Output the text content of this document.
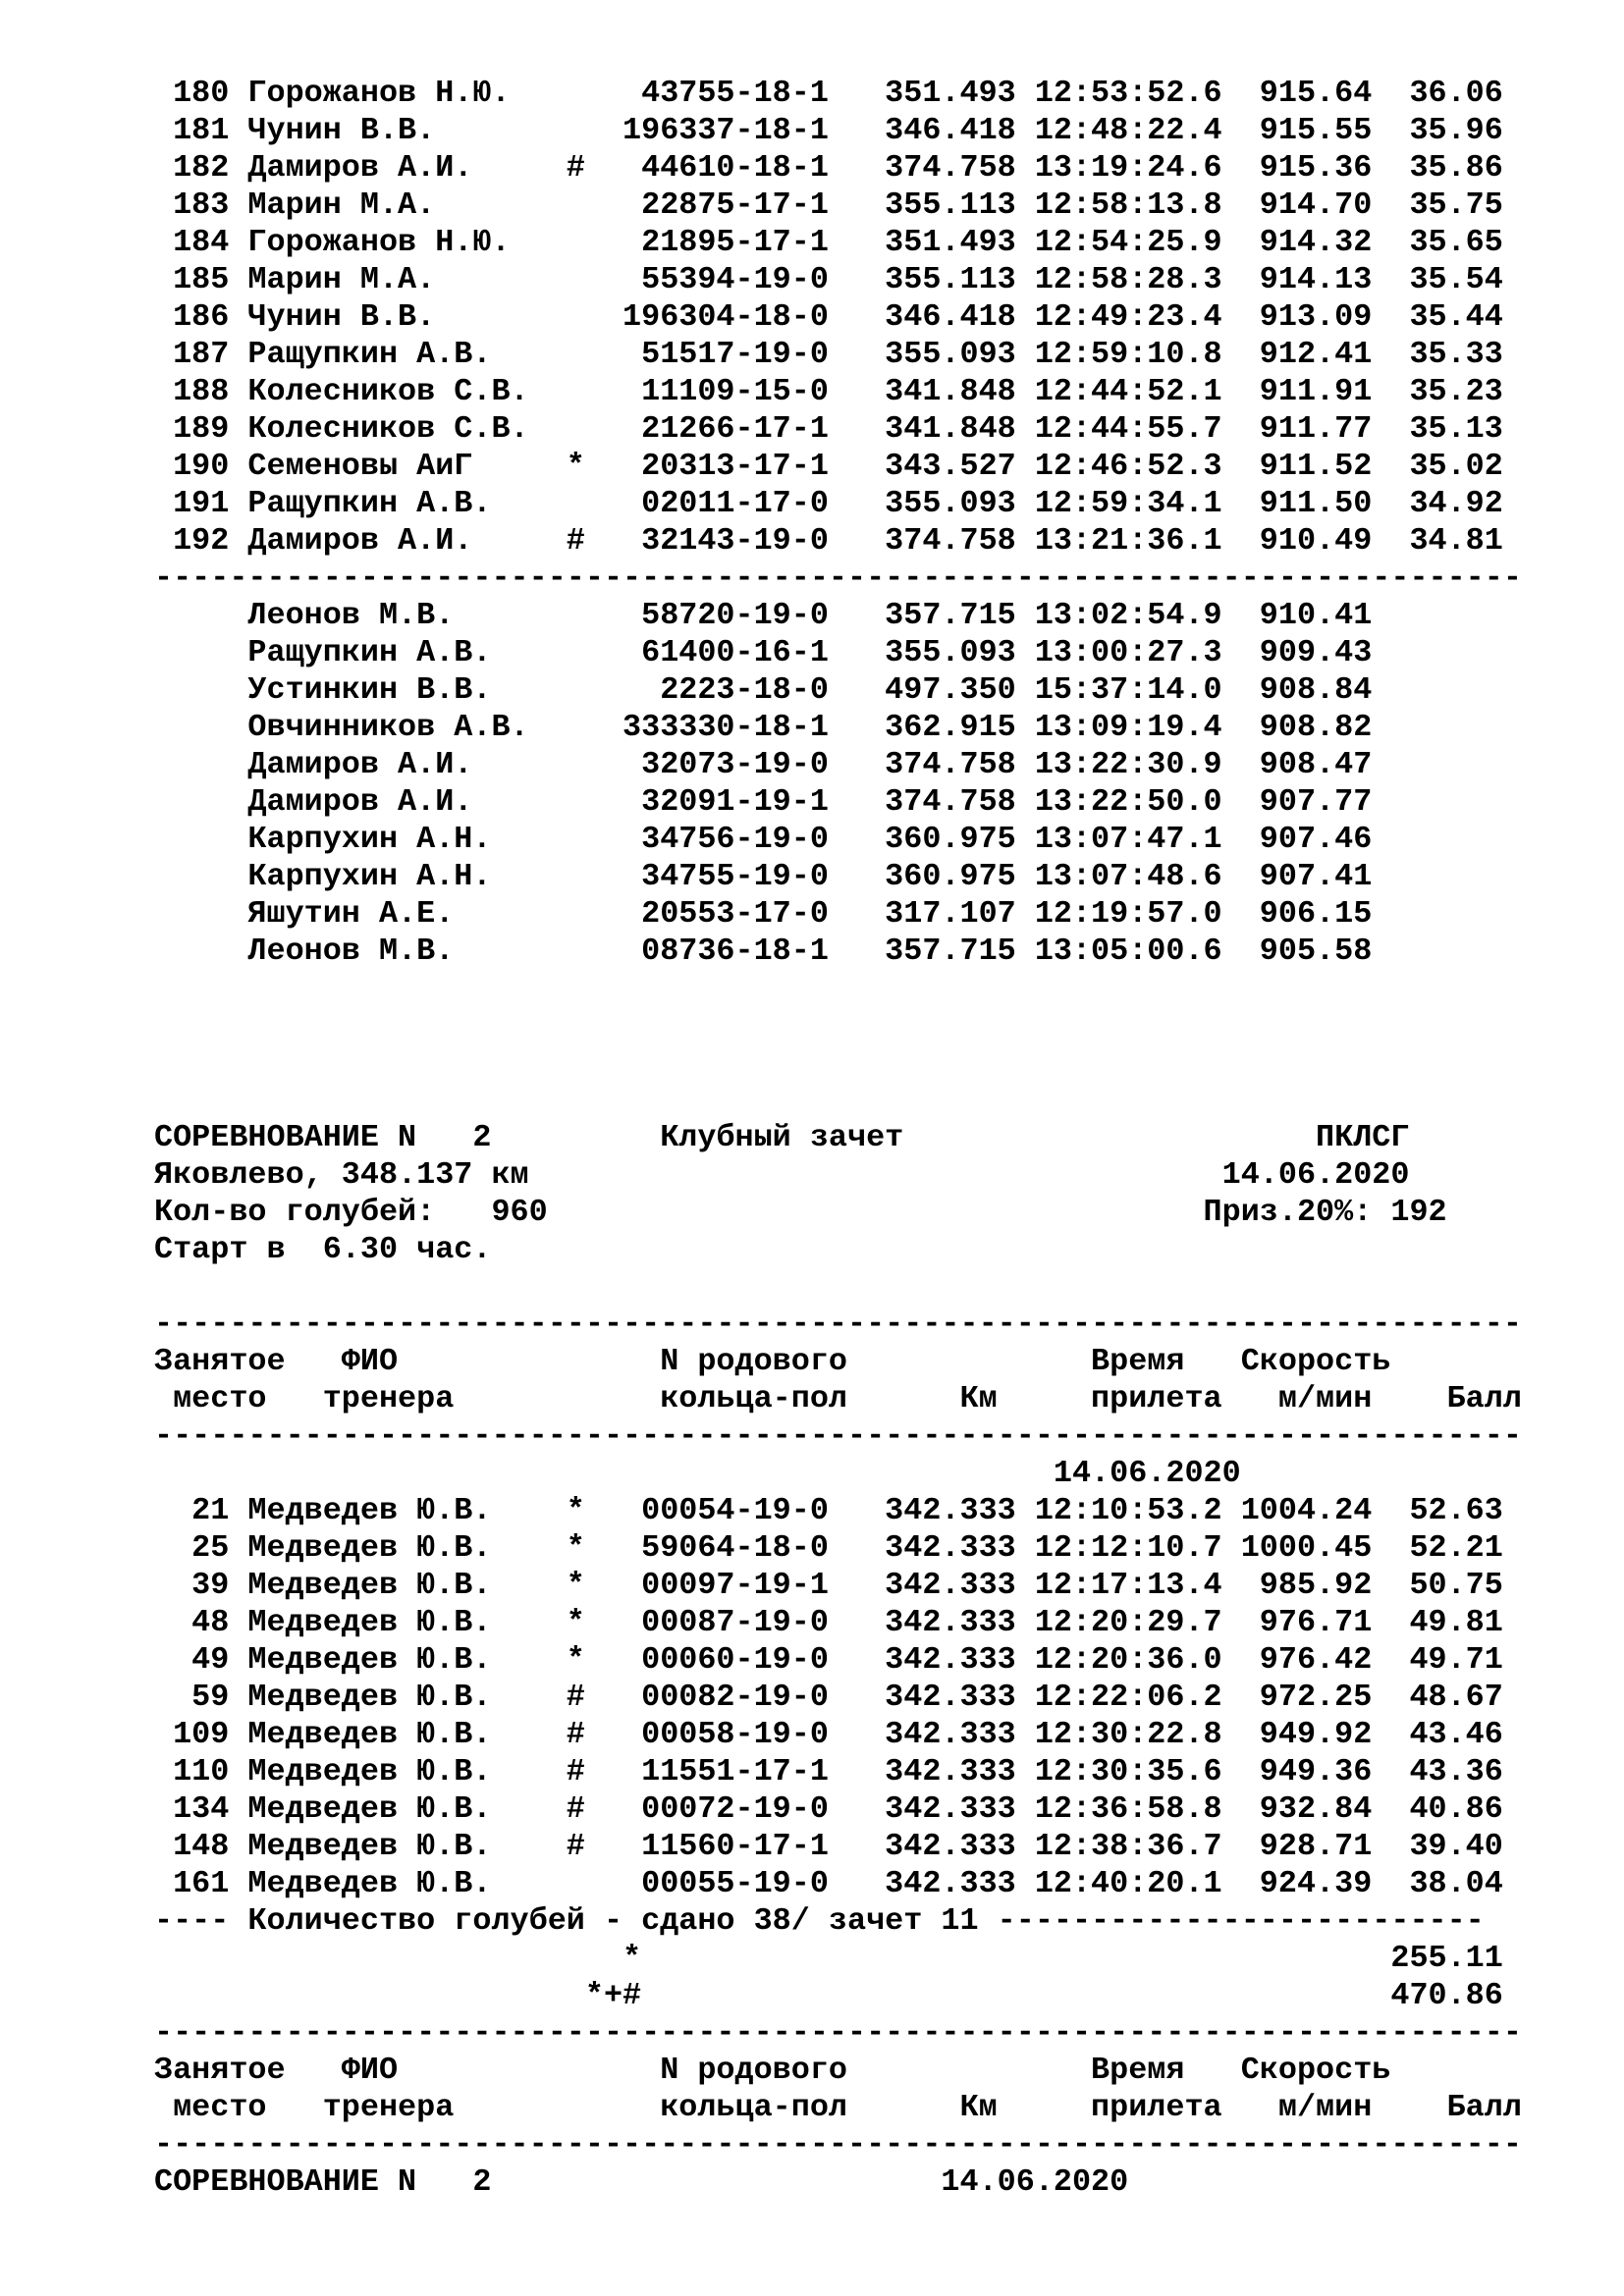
180 Горожанов Н.Ю.       43755-18-1   351.493 12:53:52.6  915.64  36.06
181 Чунин В.В.          196337-18-1   346.418 12:48:22.4  915.55  35.96
182 Дамиров А.И.     #   44610-18-1   374.758 13:19:24.6  915.36  35.86
183 Марин М.А.           22875-17-1   355.113 12:58:13.8  914.70  35.75
184 Горожанов Н.Ю.       21895-17-1   351.493 12:54:25.9  914.32  35.65
185 Марин М.А.           55394-19-0   355.113 12:58:28.3  914.13  35.54
186 Чунин В.В.          196304-18-0   346.418 12:49:23.4  913.09  35.44
187 Ращупкин А.В.        51517-19-0   355.093 12:59:10.8  912.41  35.33
188 Колесников С.В.      11109-15-0   341.848 12:44:52.1  911.91  35.23
189 Колесников С.В.      21266-17-1   341.848 12:44:55.7  911.77  35.13
190 Семеновы АиГ     *   20313-17-1   343.527 12:46:52.3  911.52  35.02
191 Ращупкин А.В.        02011-17-0   355.093 12:59:34.1  911.50  34.92
192 Дамиров А.И.     #   32143-19-0   374.758 13:21:36.1  910.49  34.81
-------------------------------------------------------------------------
Леонов М.В.          58720-19-0   357.715 13:02:54.9  910.41
Ращупкин А.В.        61400-16-1   355.093 13:00:27.3  909.43
Устинкин В.В.         2223-18-0   497.350 15:37:14.0  908.84
Овчинников А.В.     333330-18-1   362.915 13:09:19.4  908.82
Дамиров А.И.         32073-19-0   374.758 13:22:30.9  908.47
Дамиров А.И.         32091-19-1   374.758 13:22:50.0  907.77
Карпухин А.Н.        34756-19-0   360.975 13:07:47.1  907.46
Карпухин А.Н.        34755-19-0   360.975 13:07:48.6  907.41
Яшутин А.Е.          20553-17-0   317.107 12:19:57.0  906.15
Леонов М.В.          08736-18-1   357.715 13:05:00.6  905.58
СОРЕВНОВАНИЕ N   2         Клубный зачет                      ПКЛСГ
Яковлево, 348.137 км                                     14.06.2020
Кол-во голубей:   960                                   Приз.20%: 192
Старт в  6.30 час.
-------------------------------------------------------------------------
Занятое   ФИО              N родового             Время   Скорость
место   тренера           кольца-пол      Км     прилета   м/мин    Балл
-------------------------------------------------------------------------
14.06.2020
21 Медведев Ю.В.    *   00054-19-0   342.333 12:10:53.2 1004.24  52.63
25 Медведев Ю.В.    *   59064-18-0   342.333 12:12:10.7 1000.45  52.21
39 Медведев Ю.В.    *   00097-19-1   342.333 12:17:13.4  985.92  50.75
48 Медведев Ю.В.    *   00087-19-0   342.333 12:20:29.7  976.71  49.81
49 Медведев Ю.В.    *   00060-19-0   342.333 12:20:36.0  976.42  49.71
59 Медведев Ю.В.    #   00082-19-0   342.333 12:22:06.2  972.25  48.67
109 Медведев Ю.В.    #   00058-19-0   342.333 12:30:22.8  949.92  43.46
110 Медведев Ю.В.    #   11551-17-1   342.333 12:30:35.6  949.36  43.36
134 Медведев Ю.В.    #   00072-19-0   342.333 12:36:58.8  932.84  40.86
148 Медведев Ю.В.    #   11560-17-1   342.333 12:38:36.7  928.71  39.40
161 Медведев Ю.В.        00055-19-0   342.333 12:40:20.1  924.39  38.04
---- Количество голубей - сдано 38/ зачет 11 --------------------------
*                                        255.11
*+#                                        470.86
-------------------------------------------------------------------------
Занятое   ФИО              N родового             Время   Скорость
место   тренера           кольца-пол      Км     прилета   м/мин    Балл
-------------------------------------------------------------------------
СОРЕВНОВАНИЕ N   2                        14.06.2020
